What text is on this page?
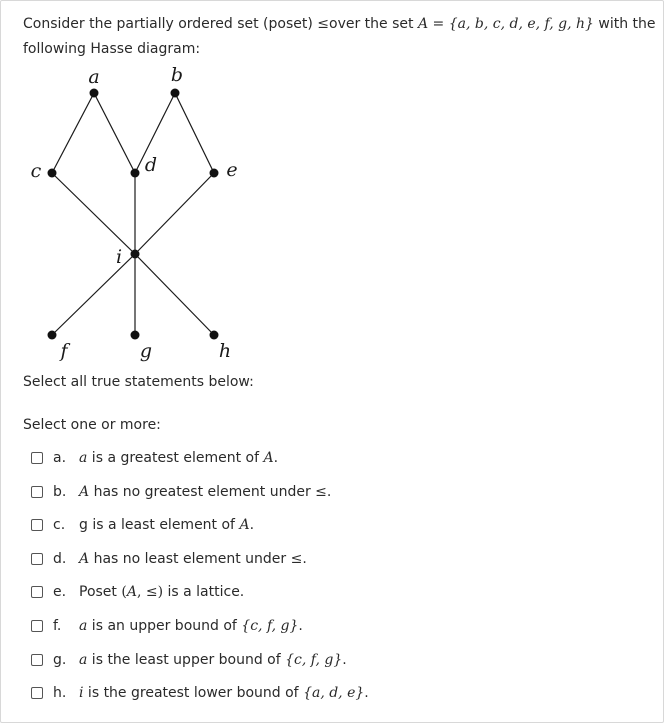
Consider the partially ordered set (poset) ≤over the set A = {a, b, c, d, e, f, g, h} with the
following Hasse diagram:
a	b
c	d	e
f	g	h
i
Select all true statements below:
Select one or more:
a. a is a greatest element of A.
b. A has no greatest element under ≤.
c. g is a least element of A.
d. A has no least element under ≤.
e. Poset (A, ≤) is a lattice.
f.	a is an upper bound of {c, f, g}.
g. a is the least upper bound of {c, f, g}.
h. i is the greatest lower bound of {a, d, e}.
